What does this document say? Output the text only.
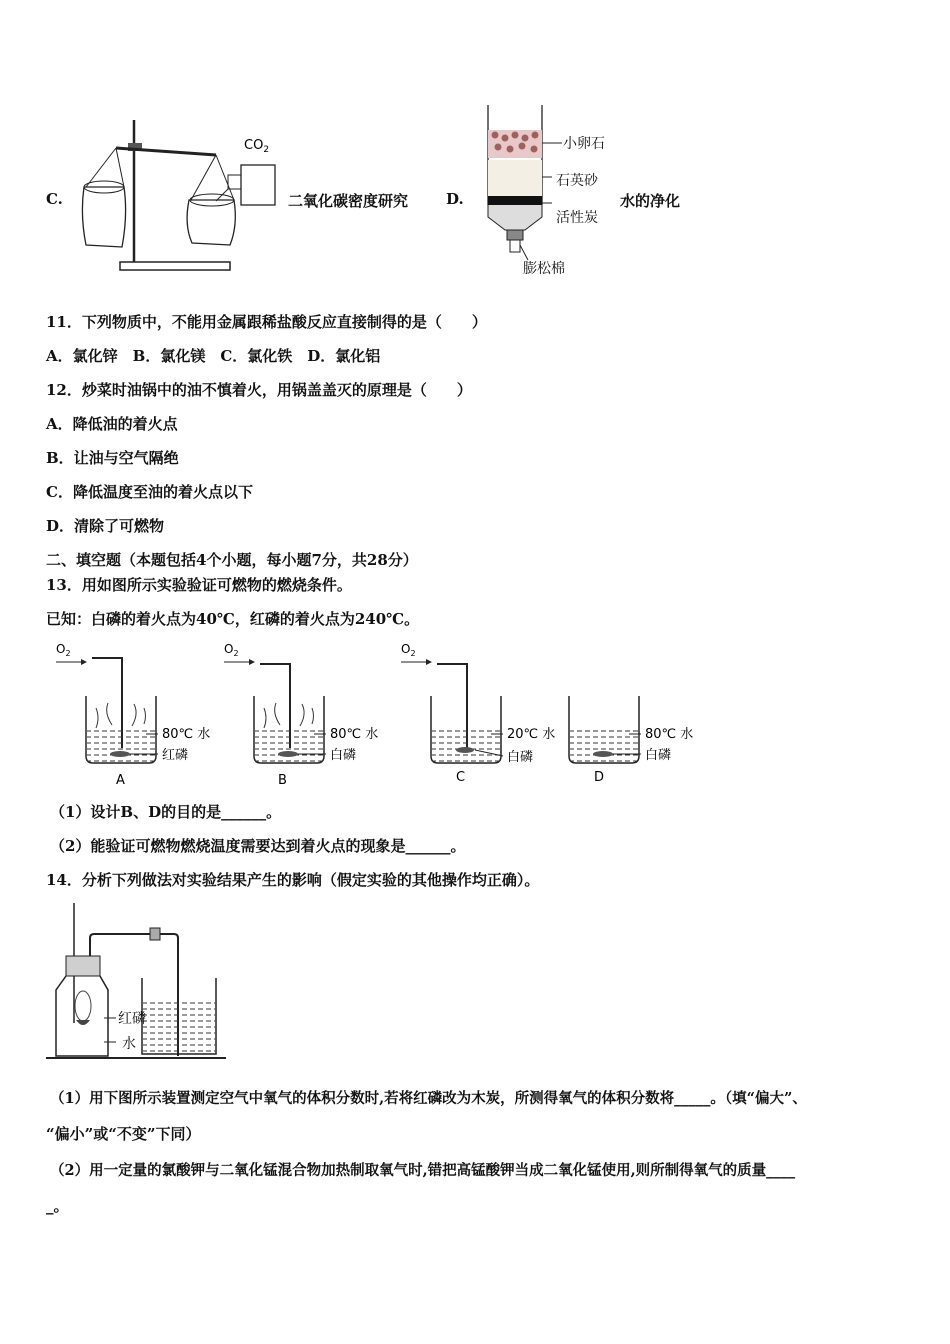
C.
$CO_2$
二氧化碳密度研究	D.
小卵石
石英砂
活性炭
膨松棉
水的净化
11．下列物质中，不能用金属跟稀盐酸反应直接制得的是（　　）
A．氯化锌　B．氯化镁　C．氯化铁　D．氯化铝
12．炒菜时油锅中的油不慎着火，用锅盖盖灭的原理是（　　）
A．降低油的着火点
B．让油与空气隔绝
C．降低温度至油的着火点以下
D．清除了可燃物
二、填空题（本题包括4个小题，每小题7分，共28分）
13．用如图所示实验验证可燃物的燃烧条件。
已知：白磷的着火点为40℃，红磷的着火点为240℃。
$O_2$
A
80℃ 水
红磷
$O_2$
B
80℃ 水
白磷
$O_2$
C
20℃ 水
白磷
D
80℃ 水
白磷
（1）设计B、D的目的是______。
（2）能验证可燃物燃烧温度需要达到着火点的现象是______。
14．分析下列做法对实验结果产生的影响（假定实验的其他操作均正确）。
红磷
水
（1）用下图所示装置测定空气中氧气的体积分数时,若将红磷改为木炭，所测得氧气的体积分数将_____。（填“偏大”、
“偏小”或“不变”下同）
（2）用一定量的氯酸钾与二氧化锰混合物加热制取氧气时,错把高锰酸钾当成二氧化锰使用,则所制得氧气的质量____
_。
